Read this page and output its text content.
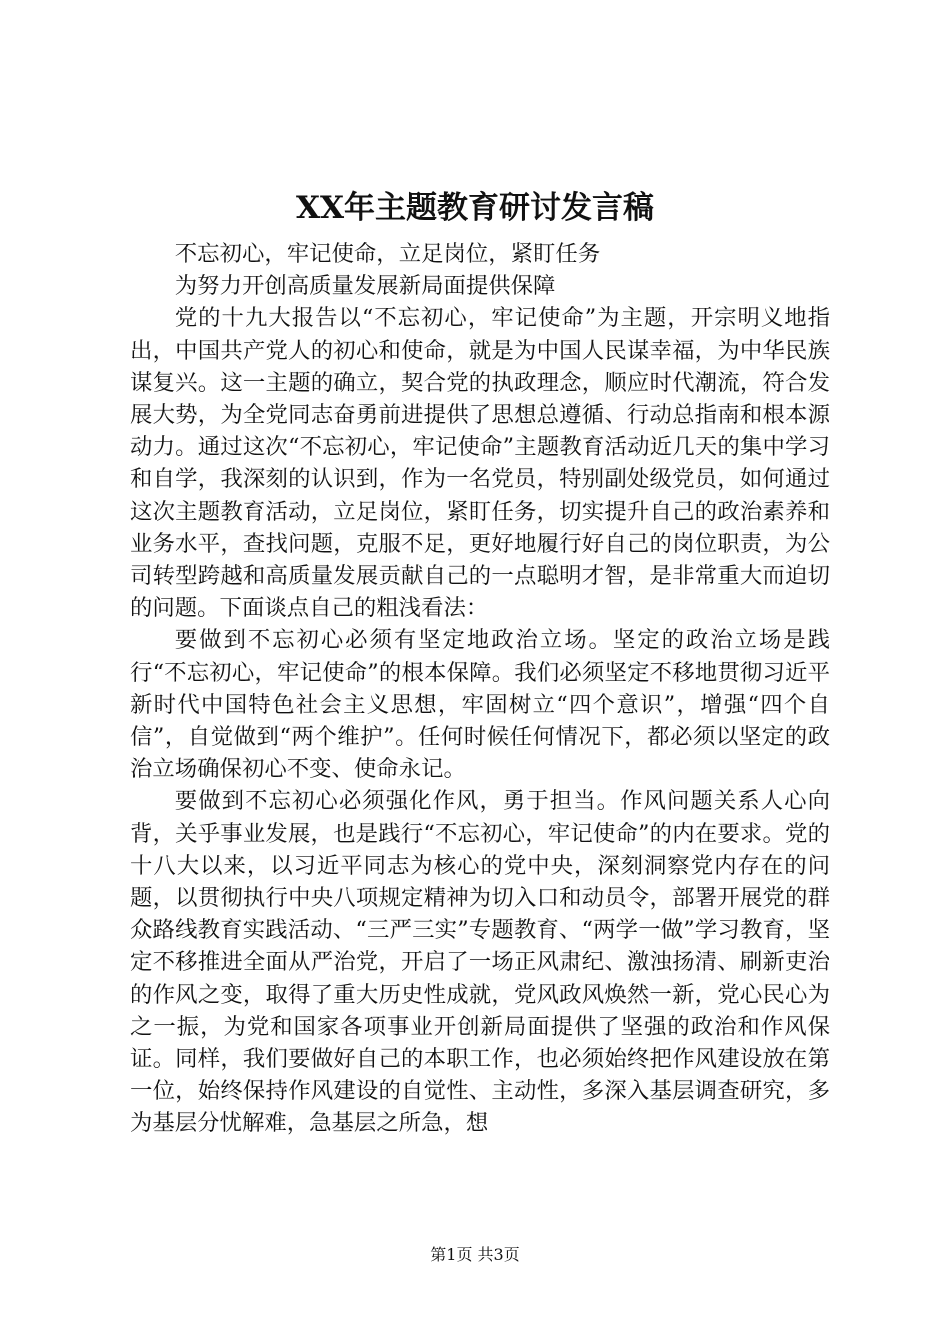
XX年主题教育研讨发言稿

不忘初心，牢记使命，立足岗位，紧盯任务

为努力开创高质量发展新局面提供保障

党的十九大报告以“不忘初心，牢记使命”为主题，开宗明义地指出，中国共产党人的初心和使命，就是为中国人民谋幸福，为中华民族谋复兴。这一主题的确立，契合党的执政理念，顺应时代潮流，符合发展大势，为全党同志奋勇前进提供了思想总遵循、行动总指南和根本源动力。通过这次“不忘初心，牢记使命”主题教育活动近几天的集中学习和自学，我深刻的认识到，作为一名党员，特别副处级党员，如何通过这次主题教育活动，立足岗位，紧盯任务，切实提升自己的政治素养和业务水平，查找问题，克服不足，更好地履行好自己的岗位职责，为公司转型跨越和高质量发展贡献自己的一点聪明才智，是非常重大而迫切的问题。下面谈点自己的粗浅看法：

要做到不忘初心必须有坚定地政治立场。坚定的政治立场是践行“不忘初心，牢记使命”的根本保障。我们必须坚定不移地贯彻习近平新时代中国特色社会主义思想，牢固树立“四个意识”，增强“四个自信”，自觉做到“两个维护”。任何时候任何情况下，都必须以坚定的政治立场确保初心不变、使命永记。

要做到不忘初心必须强化作风，勇于担当。作风问题关系人心向背，关乎事业发展，也是践行“不忘初心，牢记使命”的内在要求。党的十八大以来，以习近平同志为核心的党中央，深刻洞察党内存在的问题，以贯彻执行中央八项规定精神为切入口和动员令，部署开展党的群众路线教育实践活动、“三严三实”专题教育、“两学一做”学习教育，坚定不移推进全面从严治党，开启了一场正风肃纪、激浊扬清、刷新吏治的作风之变，取得了重大历史性成就，党风政风焕然一新，党心民心为之一振，为党和国家各项事业开创新局面提供了坚强的政治和作风保证。同样，我们要做好自己的本职工作，也必须始终把作风建设放在第一位，始终保持作风建设的自觉性、主动性，多深入基层调查研究，多为基层分忧解难，急基层之所急，想

第1页 共3页
